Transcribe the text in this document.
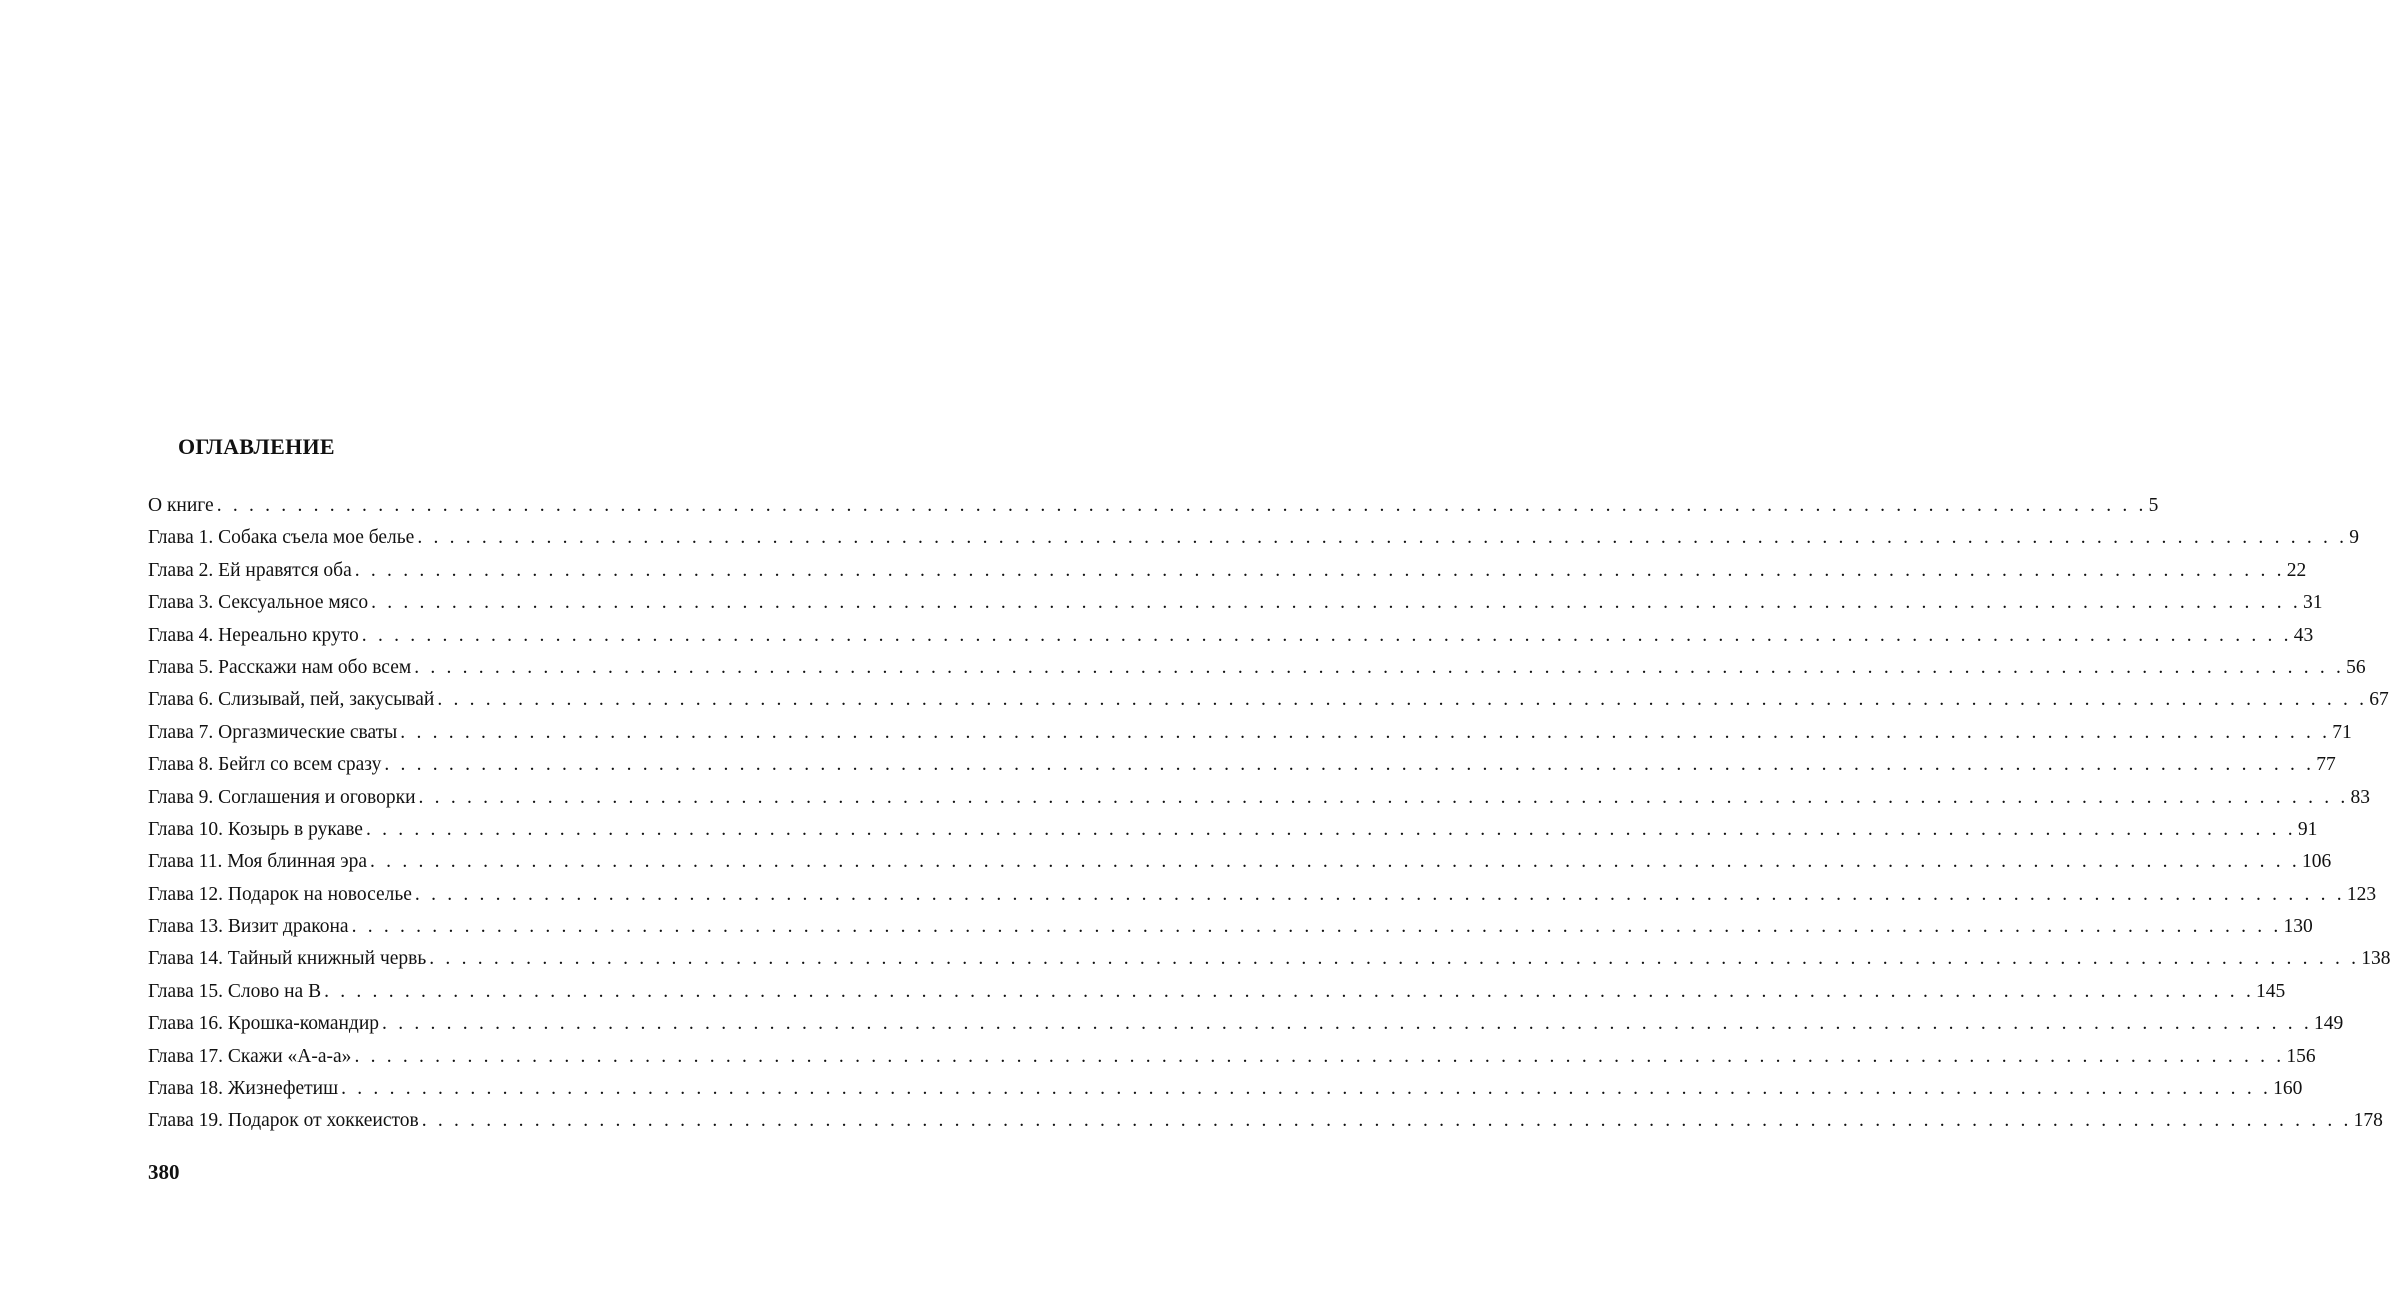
ОГЛАВЛЕНИЕ
О книге . . . . . . . . . . . . . . . . . . . . . . . . . . . . . . . . . . . . . . . . . . . . . . . . . . . . . . . . . . . . . . . . . . . . . . . . . . . . . . . . . . . . . . . . . . . . . . . . . . . . . . . . . . . . . . . . . . . . . . . . 5
Глава 1. Собака съела мое белье . . . . . . . . . . . . . . . . . . . . . . . . . . . . . . . . . . . . . . . . . . . . . . . . . . . . . . . . . . . . . . . . . . . . . . . . . . . . . . . . . . . . . . . . . . . . . . . . . . . . . . . . . . . . . . . . . . . . . . . . 9
Глава 2. Ей нравятся оба . . . . . . . . . . . . . . . . . . . . . . . . . . . . . . . . . . . . . . . . . . . . . . . . . . . . . . . . . . . . . . . . . . . . . . . . . . . . . . . . . . . . . . . . . . . . . . . . . . . . . . . . . . . . . . . . . . . . . . . . 22
Глава 3. Сексуальное мясо . . . . . . . . . . . . . . . . . . . . . . . . . . . . . . . . . . . . . . . . . . . . . . . . . . . . . . . . . . . . . . . . . . . . . . . . . . . . . . . . . . . . . . . . . . . . . . . . . . . . . . . . . . . . . . . . . . . . . . . . 31
Глава 4. Нереально круто . . . . . . . . . . . . . . . . . . . . . . . . . . . . . . . . . . . . . . . . . . . . . . . . . . . . . . . . . . . . . . . . . . . . . . . . . . . . . . . . . . . . . . . . . . . . . . . . . . . . . . . . . . . . . . . . . . . . . . . . 43
Глава 5. Расскажи нам обо всем . . . . . . . . . . . . . . . . . . . . . . . . . . . . . . . . . . . . . . . . . . . . . . . . . . . . . . . . . . . . . . . . . . . . . . . . . . . . . . . . . . . . . . . . . . . . . . . . . . . . . . . . . . . . . . . . . . . . . . . . 56
Глава 6. Слизывай, пей, закусывай . . . . . . . . . . . . . . . . . . . . . . . . . . . . . . . . . . . . . . . . . . . . . . . . . . . . . . . . . . . . . . . . . . . . . . . . . . . . . . . . . . . . . . . . . . . . . . . . . . . . . . . . . . . . . . . . . . . . . . . . 67
Глава 7. Оргазмические сваты . . . . . . . . . . . . . . . . . . . . . . . . . . . . . . . . . . . . . . . . . . . . . . . . . . . . . . . . . . . . . . . . . . . . . . . . . . . . . . . . . . . . . . . . . . . . . . . . . . . . . . . . . . . . . . . . . . . . . . . . 71
Глава 8. Бейгл со всем сразу . . . . . . . . . . . . . . . . . . . . . . . . . . . . . . . . . . . . . . . . . . . . . . . . . . . . . . . . . . . . . . . . . . . . . . . . . . . . . . . . . . . . . . . . . . . . . . . . . . . . . . . . . . . . . . . . . . . . . . . . 77
Глава 9. Соглашения и оговорки . . . . . . . . . . . . . . . . . . . . . . . . . . . . . . . . . . . . . . . . . . . . . . . . . . . . . . . . . . . . . . . . . . . . . . . . . . . . . . . . . . . . . . . . . . . . . . . . . . . . . . . . . . . . . . . . . . . . . . . . 83
Глава 10. Козырь в рукаве . . . . . . . . . . . . . . . . . . . . . . . . . . . . . . . . . . . . . . . . . . . . . . . . . . . . . . . . . . . . . . . . . . . . . . . . . . . . . . . . . . . . . . . . . . . . . . . . . . . . . . . . . . . . . . . . . . . . . . . . 91
Глава 11. Моя блинная эра . . . . . . . . . . . . . . . . . . . . . . . . . . . . . . . . . . . . . . . . . . . . . . . . . . . . . . . . . . . . . . . . . . . . . . . . . . . . . . . . . . . . . . . . . . . . . . . . . . . . . . . . . . . . . . . . . . . . . . . . 106
Глава 12. Подарок на новоселье . . . . . . . . . . . . . . . . . . . . . . . . . . . . . . . . . . . . . . . . . . . . . . . . . . . . . . . . . . . . . . . . . . . . . . . . . . . . . . . . . . . . . . . . . . . . . . . . . . . . . . . . . . . . . . . . . . . . . . . . 123
Глава 13. Визит дракона . . . . . . . . . . . . . . . . . . . . . . . . . . . . . . . . . . . . . . . . . . . . . . . . . . . . . . . . . . . . . . . . . . . . . . . . . . . . . . . . . . . . . . . . . . . . . . . . . . . . . . . . . . . . . . . . . . . . . . . . 130
Глава 14. Тайный книжный червь . . . . . . . . . . . . . . . . . . . . . . . . . . . . . . . . . . . . . . . . . . . . . . . . . . . . . . . . . . . . . . . . . . . . . . . . . . . . . . . . . . . . . . . . . . . . . . . . . . . . . . . . . . . . . . . . . . . . . . . . 138
Глава 15. Слово на В . . . . . . . . . . . . . . . . . . . . . . . . . . . . . . . . . . . . . . . . . . . . . . . . . . . . . . . . . . . . . . . . . . . . . . . . . . . . . . . . . . . . . . . . . . . . . . . . . . . . . . . . . . . . . . . . . . . . . . . . 145
Глава 16. Крошка-командир . . . . . . . . . . . . . . . . . . . . . . . . . . . . . . . . . . . . . . . . . . . . . . . . . . . . . . . . . . . . . . . . . . . . . . . . . . . . . . . . . . . . . . . . . . . . . . . . . . . . . . . . . . . . . . . . . . . . . . . . 149
Глава 17. Скажи «А-а-а» . . . . . . . . . . . . . . . . . . . . . . . . . . . . . . . . . . . . . . . . . . . . . . . . . . . . . . . . . . . . . . . . . . . . . . . . . . . . . . . . . . . . . . . . . . . . . . . . . . . . . . . . . . . . . . . . . . . . . . . . 156
Глава 18. Жизнефетиш . . . . . . . . . . . . . . . . . . . . . . . . . . . . . . . . . . . . . . . . . . . . . . . . . . . . . . . . . . . . . . . . . . . . . . . . . . . . . . . . . . . . . . . . . . . . . . . . . . . . . . . . . . . . . . . . . . . . . . . . 160
Глава 19. Подарок от хоккеистов . . . . . . . . . . . . . . . . . . . . . . . . . . . . . . . . . . . . . . . . . . . . . . . . . . . . . . . . . . . . . . . . . . . . . . . . . . . . . . . . . . . . . . . . . . . . . . . . . . . . . . . . . . . . . . . . . . . . . . . . 178
380
